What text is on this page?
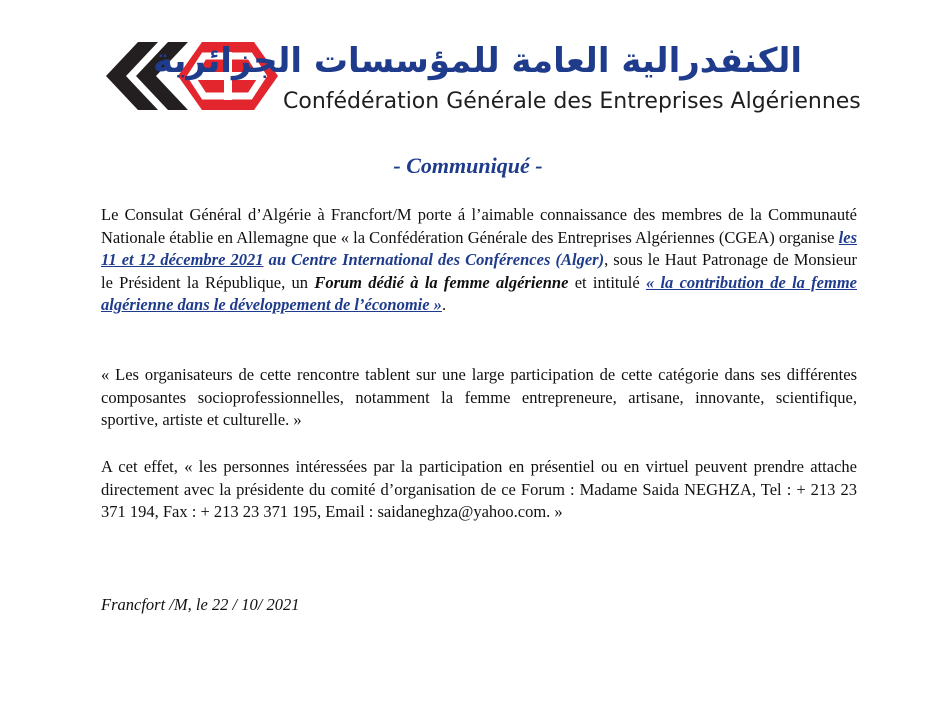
الكنفدرالية العامة للمؤسسات الجزائرية
Confédération Générale des Entreprises Algériennes
- Communiqué -
Le Consulat Général d’Algérie à Francfort/M porte á l’aimable connaissance des membres de la Communauté Nationale établie en Allemagne que « la Confédération Générale des Entreprises Algériennes (CGEA) organise les 11 et 12 décembre 2021 au Centre International des Conférences (Alger), sous le Haut Patronage de Monsieur le Président la République, un Forum dédié à la femme algérienne et intitulé « la contribution de la femme algérienne dans le développement de l’économie ».
« Les organisateurs de cette rencontre tablent sur une large participation de cette catégorie dans ses différentes composantes socioprofessionnelles, notamment la femme entrepreneure, artisane, innovante, scientifique, sportive, artiste et culturelle. »
A cet effet, « les personnes intéressées par la participation en présentiel ou en virtuel peuvent prendre attache directement avec la présidente du comité d’organisation de ce Forum : Madame Saida NEGHZA, Tel : + 213 23 371 194, Fax : + 213 23 371 195, Email : saidaneghza@yahoo.com. »
Francfort /M, le 22 / 10/ 2021
